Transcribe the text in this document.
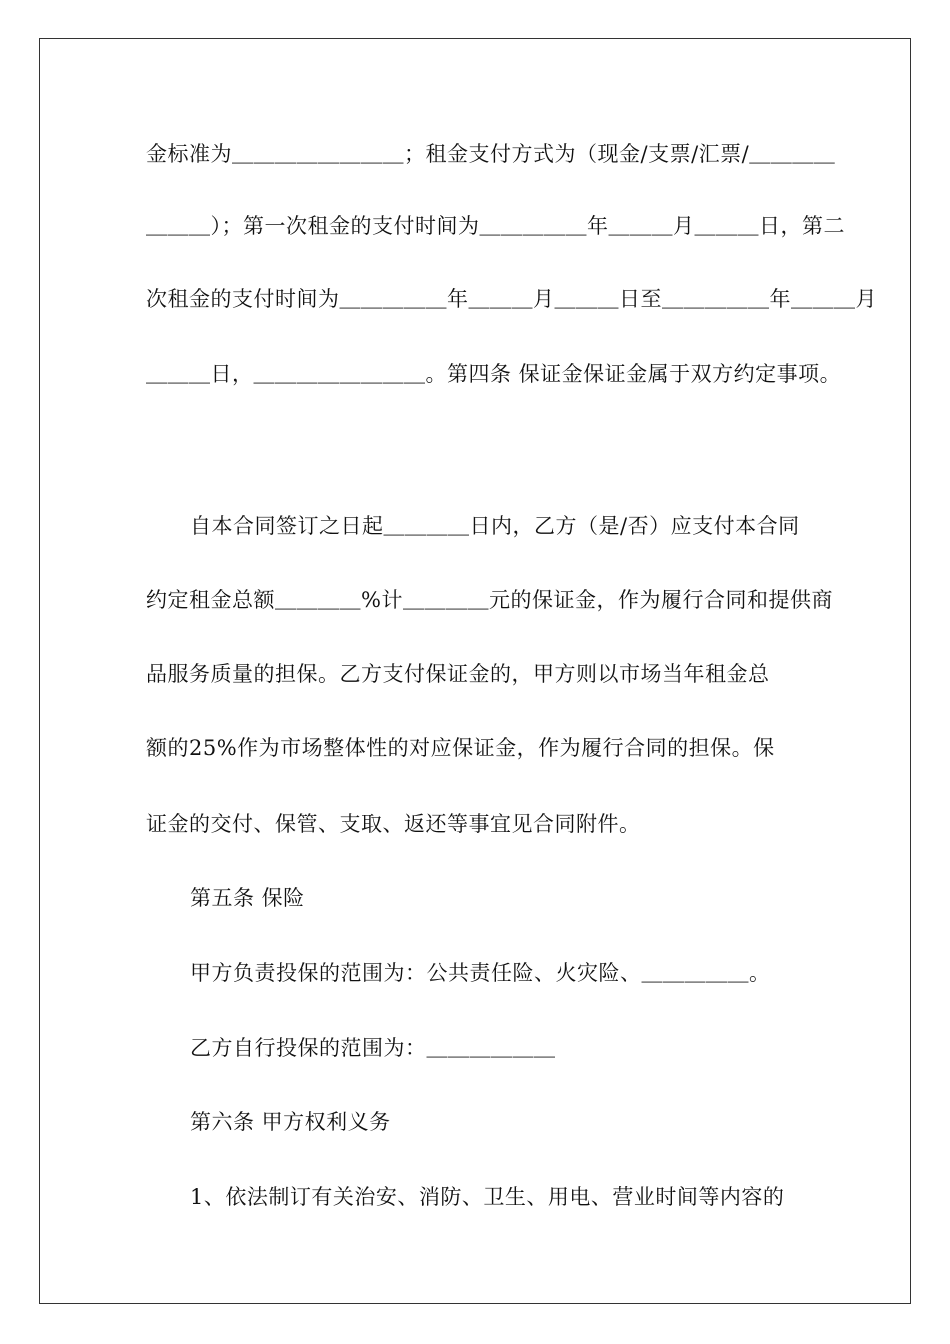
金标准为＿＿＿＿＿＿＿＿；租金支付方式为（现金/支票/汇票/＿＿＿＿
＿＿＿）；第一次租金的支付时间为＿＿＿＿＿年＿＿＿月＿＿＿日，第二
次租金的支付时间为＿＿＿＿＿年＿＿＿月＿＿＿日至＿＿＿＿＿年＿＿＿月
＿＿＿日，＿＿＿＿＿＿＿＿。第四条 保证金保证金属于双方约定事项。
自本合同签订之日起＿＿＿＿日内，乙方（是/否）应支付本合同
约定租金总额＿＿＿＿%计＿＿＿＿元的保证金，作为履行合同和提供商
品服务质量的担保。乙方支付保证金的，甲方则以市场当年租金总
额的25%作为市场整体性的对应保证金，作为履行合同的担保。保
证金的交付、保管、支取、返还等事宜见合同附件。
第五条 保险
甲方负责投保的范围为：公共责任险、火灾险、＿＿＿＿＿。
乙方自行投保的范围为：＿＿＿＿＿＿
第六条 甲方权利义务
1、依法制订有关治安、消防、卫生、用电、营业时间等内容的
